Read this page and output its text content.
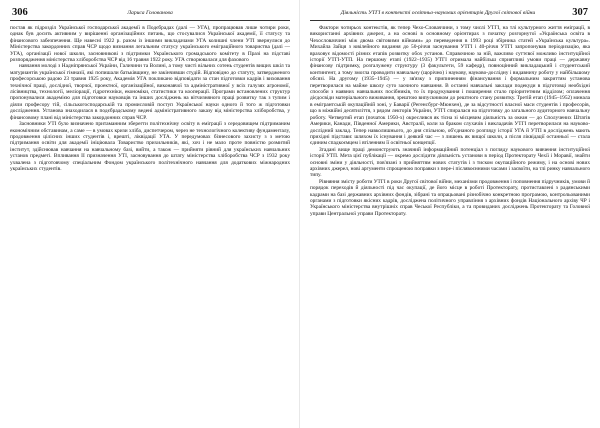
306	Лариса Голованова

постав як підрозділ Української господарської академії в Подєбрадах (далі — УГА), пропрацював лише чотири роки, однак був досить активним у вирішенні організаційних питань, що стосувалися Української академії, її статусу та фінансового забезпечення. Ще навесні 1922 р. разом із іншими викладачами УГА колишні члени УТІ звернулися до Міністерства закордонних справ ЧСР щодо визнання легальним статусу українського еміграційного товариства (далі — УГА), організації нової школи, засновникові з підтримки Українського громадського комітету в Празі на підставі розпорядження міністерства хліборобства ЧСР від 16 травня 1922 року. УГА створювалася для фахового

навчання молоді з Надніпрянської України, Галичини та Волині, а тому чисті вільних сотень студентів вищих шкіл та матуриантів української гімназії, які попишали батьківщину, не закінчивши студій. Відповідно до статуту, затвердженого професорською радою 23 травня 1925 року, Академія УГА покликано відповідати за стан підготовки кадрів і виховання технічної праці, дослідної, творчої, проектної, організаційної, виконавчої та адміністративної у всіх галузях агрономії, лісівництва, технології, меліорації, гідротехніки, економіки, статистики та кооперації. Програми встановлених структур пропонувалися академією для підготовки науковців та інших досліджень на вітчизняного праці розвитку так з тупим і діяли професору тій, сільськогосподарській та промисловій поступ Української науки одного й того ж підготовки дослідження. Установа знаходилася в подєбрадському ведені адміністративного заказу від міністерства хліборобства, у фінансовому плані від міністерства закордонних справ ЧСР.

Засновники УТІ було визначено притаманним зберегти політехнічну освіту в еміграції з середовищем підтриманим економічним обставинам, а саме — в умовах кризи хліба, диспетчером, через не технологічного колективу фундаменталу, продовження цілісних інших студентів і, врешті, ліквідації УТА. У передумовах бізнесового захисту з з метою підтримання освіти для академії ініціювала Товариство прихильників, які, хоч і не мало проте повністю розмитий інститут, здійснював навчання на навчальному базі, вийти, а також — прийняти рівний для українських навчальних установ предметі. Впливання ІІ призначення УТІ, засновування до штату міністерства хліборобства ЧСР з 1932 року ухвалена з підготовчому спеціальним Фондом українського політехнічного навчання для додаткових міжнародних українських студентів.

Діяльність УТГІ в контексті освітньо-наукових орієнтирів Другої світової війни	307

Фактори чотирьох контекстів, як тепер Чехо-Словаччини, з тому числі УТГІ, на тлі культурного життя еміграції, в використанні архівних джерел, а на основі в основному орієнтирах з початку розгорнутої «Українська освіта в Чехословаччині між двома світовими війнами» до переведення в 1993 році збірника статей «Українська культура». Михайла Зайця з ювілейного видання до 50-річчя заснування УТГІ і 40-річчя УТГІ запропонував періодизацію, яка враховує відомості різних етапів розвитку обох установ. Справочною за ній, важливо суттєвої можливо інституційної історії УТГІ-УТП. На першому етапі (1922–1935) УТГІ отримала найбільш сприятливі умови праці — державну фінансову підтримку, розгалужену структуру (3 факультети, 59 кафедр), повноцінний викладацький і студентський контингент, а тому змогла проводити навчальну (щорічно) і наукову, науково-дослідну і видавничу роботу у найбільшому обсязі. На другому (1935–1945) — у зв'язку з припиненням фінансування і формальним закриттям установа перетворилася на майже школу суто заочного навчання. В останні навчальні заклади подекуди в підготовці необхідні способи з наявних навчальних посібників, то їх продукування і поширення стало пріоритетним відділом; оплачення дієдосвіди матеріального виживання, зрештою випускником до рештного стану розвитку. Третій етап (1945–1952) минала в емігрантській окупаційній зоні, у Баварії (Регенсбург-Мюнхен), де за відсутності власної маси студентів і професорів, що в міжвійні десятиліття, з рядом лекторів України, УТГІ спиралася на підготовку до загального аудиторного навчальну роботу. Четвертий етап (початок 1950-х) окреслився як тісна зі місцевим діяльність за океан — до Сполучених Штатів Америки, Канади, Південної Америки, Австралії, коли за браком слухачів і викладачів УТГІ перетворилася на науково-дослідний заклад. Тепер навколишнього, до дня спільною, об'єднаного розгляду історії УГА й УТП в досліджень мають прихідні підстави: шляхом їх існування і деякий час — з лишень як вищої школи, а після ліквідації останньої — стала єдиним спадкоємцем і втіленням її освітньої концепції.

Згадані вище праці демонструють значний інформаційний потенціал з погляду наукового вивчення інституційної історії УТП. Мета цієї публікації — окремо дослідити діяльність установи в період Протекторату Чехії і Моравії, знайти основні зміни у діяльності, пов'язані з прийняттям нових статутів і з тиском окупаційного режиму, і на основі нових архівних джерел, нові аргументи спрощеною поправки з пере-і післявоєнними часами і засвоїти, на тлі ринку навчального типу.

Рівняння змісту роботи УТГІ в роки Другої світової війни, механізми продовження і поповнення підручників, умови й порядок переходів й діяльності під час окупації, де його місце в роботі Протекторату, протиставлені з радянськими кадрами на базі державних архівних фондів, зібрані та опрацьовані різнобічно конкретною програмою, контрольованими органами з підготовки якісних кадрів, досліджена політичного управління з архівних фондів Національного архіву ЧР і Українського міністерства внутрішніх справ Чеської Республіки, а та провиданих досліджень Протекторату та Головної управи Центральної управи Протекторату.
